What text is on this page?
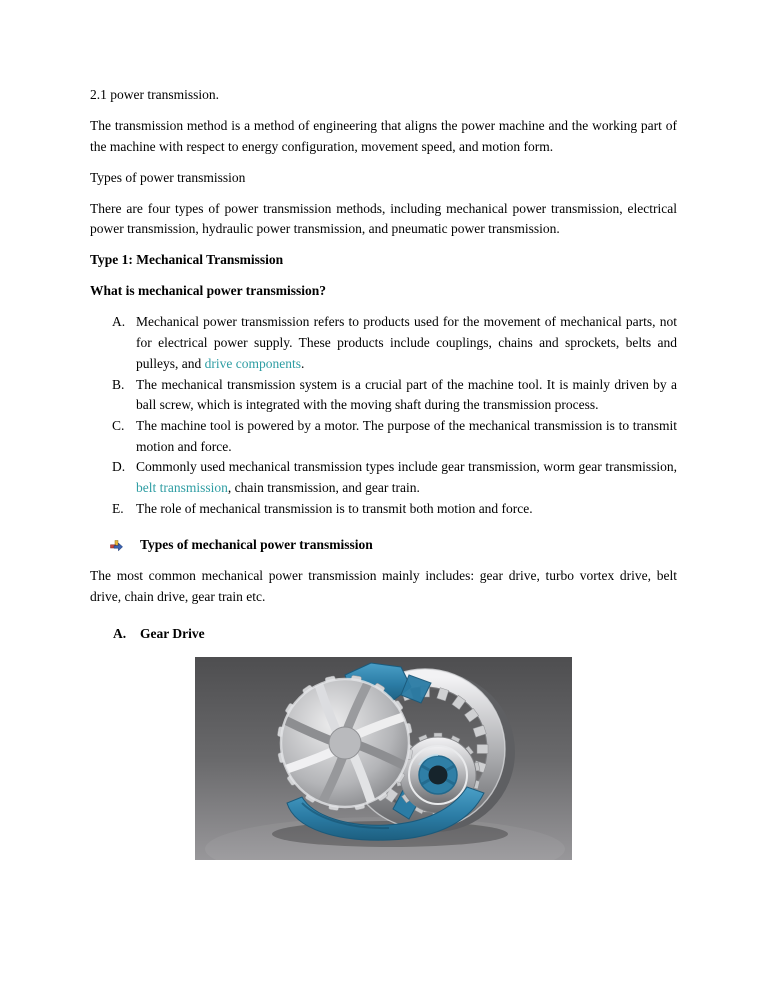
2.1 power transmission.

The transmission method is a method of engineering that aligns the power machine and the working part of the machine with respect to energy configuration, movement speed, and motion form.

Types of power transmission

There are four types of power transmission methods, including mechanical power transmission, electrical power transmission, hydraulic power transmission, and pneumatic power transmission.

Type 1: Mechanical Transmission

What is mechanical power transmission?

A. Mechanical power transmission refers to products used for the movement of mechanical parts, not for electrical power supply. These products include couplings, chains and sprockets, belts and pulleys, and drive components.
B. The mechanical transmission system is a crucial part of the machine tool. It is mainly driven by a ball screw, which is integrated with the moving shaft during the transmission process.
C. The machine tool is powered by a motor. The purpose of the mechanical transmission is to transmit motion and force.
D. Commonly used mechanical transmission types include gear transmission, worm gear transmission, belt transmission, chain transmission, and gear train.
E. The role of mechanical transmission is to transmit both motion and force.
Types of mechanical power transmission

The most common mechanical power transmission mainly includes: gear drive, turbo vortex drive, belt drive, chain drive, gear train etc.

A. Gear Drive
